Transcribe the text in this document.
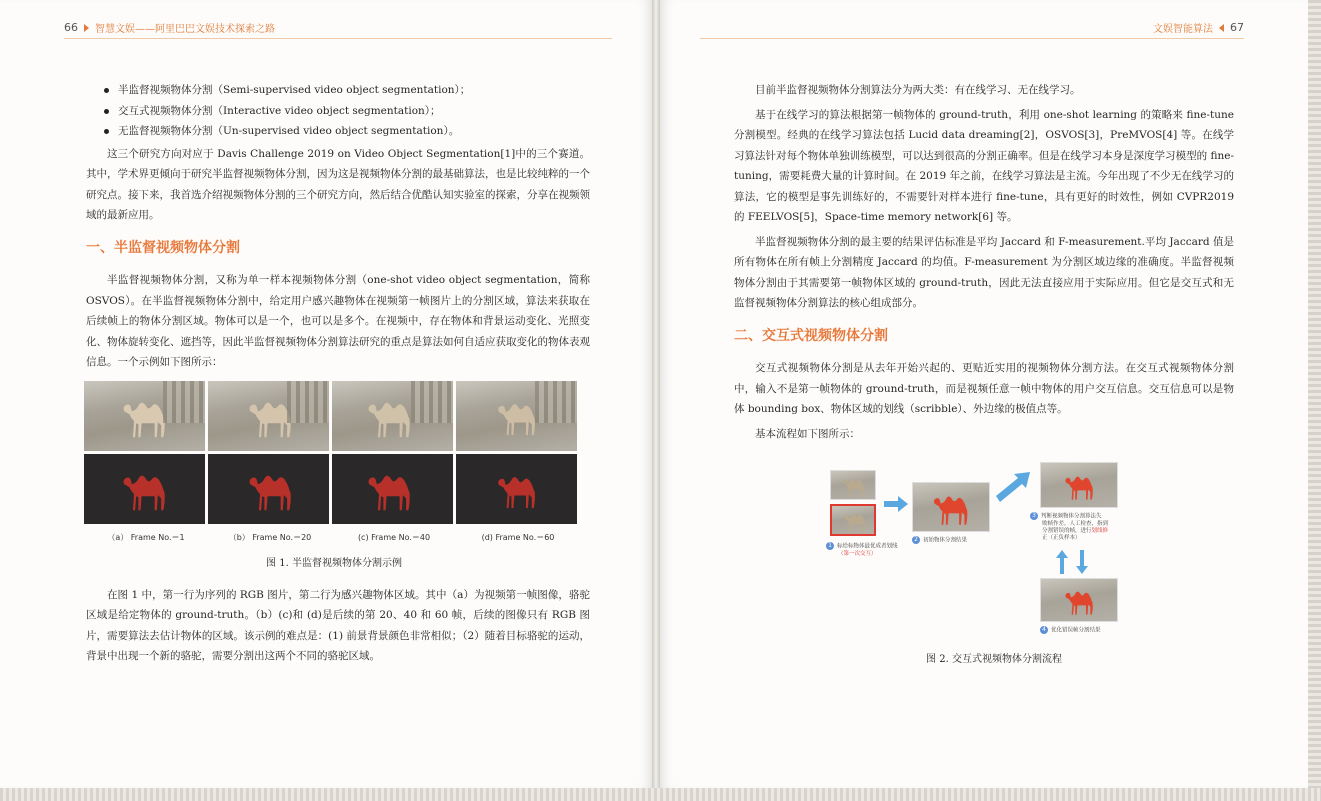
66 智慧文娱——阿里巴巴文娱技术探索之路
半监督视频物体分割（Semi-supervised video object segmentation）；
交互式视频物体分割（Interactive video object segmentation）；
无监督视频物体分割（Un-supervised video object segmentation）。

这三个研究方向对应于 Davis Challenge 2019 on Video Object Segmentation[1]中的三个赛道。其中，学术界更倾向于研究半监督视频物体分割，因为这是视频物体分割的最基础算法，也是比较纯粹的一个研究点。接下来，我首选介绍视频物体分割的三个研究方向，然后结合优酷认知实验室的探索，分享在视频领域的最新应用。

一、半监督视频物体分割

半监督视频物体分割，又称为单一样本视频物体分割（one-shot video object segmentation，简称 OSVOS）。在半监督视频物体分割中，给定用户感兴趣物体在视频第一帧图片上的分割区域，算法来获取在后续帧上的物体分割区域。物体可以是一个，也可以是多个。在视频中，存在物体和背景运动变化、光照变化、物体旋转变化、遮挡等，因此半监督视频物体分割算法研究的重点是算法如何自适应获取变化的物体表观信息。一个示例如下图所示：

（a） Frame No.＝1	（b） Frame No.＝20	(c) Frame No.＝40	(d) Frame No.＝60
图 1. 半监督视频物体分割示例

在图 1 中，第一行为序列的 RGB 图片，第二行为感兴趣物体区域。其中（a）为视频第一帧图像，骆驼区域是给定物体的 ground-truth。（b）(c)和 (d)是后续的第 20、40 和 60 帧，后续的图像只有 RGB 图片，需要算法去估计物体的区域。该示例的难点是：(1) 前景背景颜色非常相似；（2）随着目标骆驼的运动，背景中出现一个新的骆驼，需要分割出这两个不同的骆驼区域。

文娱智能算法 67

目前半监督视频物体分割算法分为两大类：有在线学习、无在线学习。

基于在线学习的算法根据第一帧物体的 ground-truth，利用 one-shot learning 的策略来 fine-tune 分割模型。经典的在线学习算法包括 Lucid data dreaming[2]，OSVOS[3]，PreMVOS[4] 等。在线学习算法针对每个物体单独训练模型，可以达到很高的分割正确率。但是在线学习本身是深度学习模型的 fine-tuning，需要耗费大量的计算时间。在 2019 年之前，在线学习算法是主流。今年出现了不少无在线学习的算法，它的模型是事先训练好的，不需要针对样本进行 fine-tune，具有更好的时效性，例如 CVPR2019 的 FEELVOS[5]，Space-time memory network[6] 等。

半监督视频物体分割的最主要的结果评估标准是平均 Jaccard 和 F-measurement.平均 Jaccard 值是所有物体在所有帧上分割精度 Jaccard 的均值。F-measurement 为分割区域边缘的准确度。半监督视频物体分割由于其需要第一帧物体区域的 ground-truth，因此无法直接应用于实际应用。但它是交互式和无监督视频物体分割算法的核心组成部分。

二、交互式视频物体分割

交互式视频物体分割是从去年开始兴起的、更贴近实用的视频物体分割方法。在交互式视频物体分割中，输入不是第一帧物体的 ground-truth，而是视频任意一帧中物体的用户交互信息。交互信息可以是物体 bounding box、物体区域的划线（scribble）、外边缘的极值点等。

基本流程如下图所示：

1 标给标物体最优成者划线
（第一次交互）
2 初始物体分割结果
3 判断视频物体分割算法失
败帧作差，人工检查，指到
分割错误的帧，进行划线修
正（正负样本）
4 优化错误帧分割结果
图 2. 交互式视频物体分割流程
